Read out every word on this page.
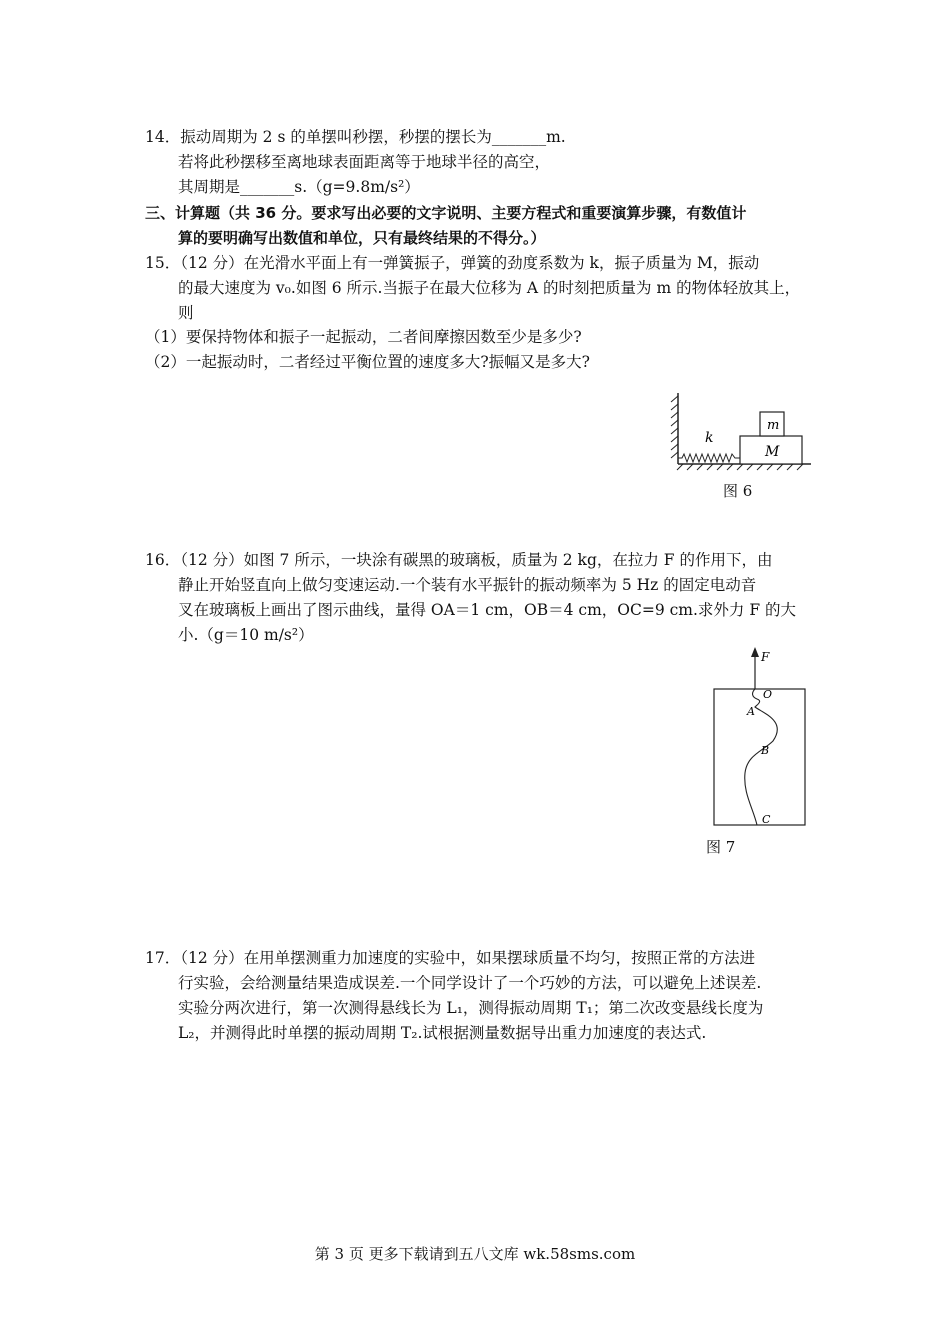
14．振动周期为 2 s 的单摆叫秒摆，秒摆的摆长为_______m.
若将此秒摆移至离地球表面距离等于地球半径的高空，
其周期是_______s.（g=9.8m/s²）
三、计算题（共 36 分。要求写出必要的文字说明、主要方程式和重要演算步骤，有数值计
算的要明确写出数值和单位，只有最终结果的不得分。）
15．（12 分）在光滑水平面上有一弹簧振子，弹簧的劲度系数为 k，振子质量为 M，振动
的最大速度为 v₀.如图 6 所示.当振子在最大位移为 A 的时刻把质量为 m 的物体轻放其上，
则
（1）要保持物体和振子一起振动，二者间摩擦因数至少是多少?
（2）一起振动时，二者经过平衡位置的速度多大?振幅又是多大?
k
M
m
图 6
16．（12 分）如图 7 所示，一块涂有碳黑的玻璃板，质量为 2 kg，在拉力 F 的作用下，由
静止开始竖直向上做匀变速运动.一个装有水平振针的振动频率为 5 Hz 的固定电动音
叉在玻璃板上画出了图示曲线，量得 OA＝1 cm，OB＝4 cm，OC=9 cm.求外力 F 的大
小.（g＝10 m/s²）
F
O
A
B
C
图 7
17．（12 分）在用单摆测重力加速度的实验中，如果摆球质量不均匀，按照正常的方法进
行实验，会给测量结果造成误差.一个同学设计了一个巧妙的方法，可以避免上述误差.
实验分两次进行，第一次测得悬线长为 L₁，测得振动周期 T₁；第二次改变悬线长度为
L₂，并测得此时单摆的振动周期 T₂.试根据测量数据导出重力加速度的表达式.
第 3 页 更多下载请到五八文库 wk.58sms.com
